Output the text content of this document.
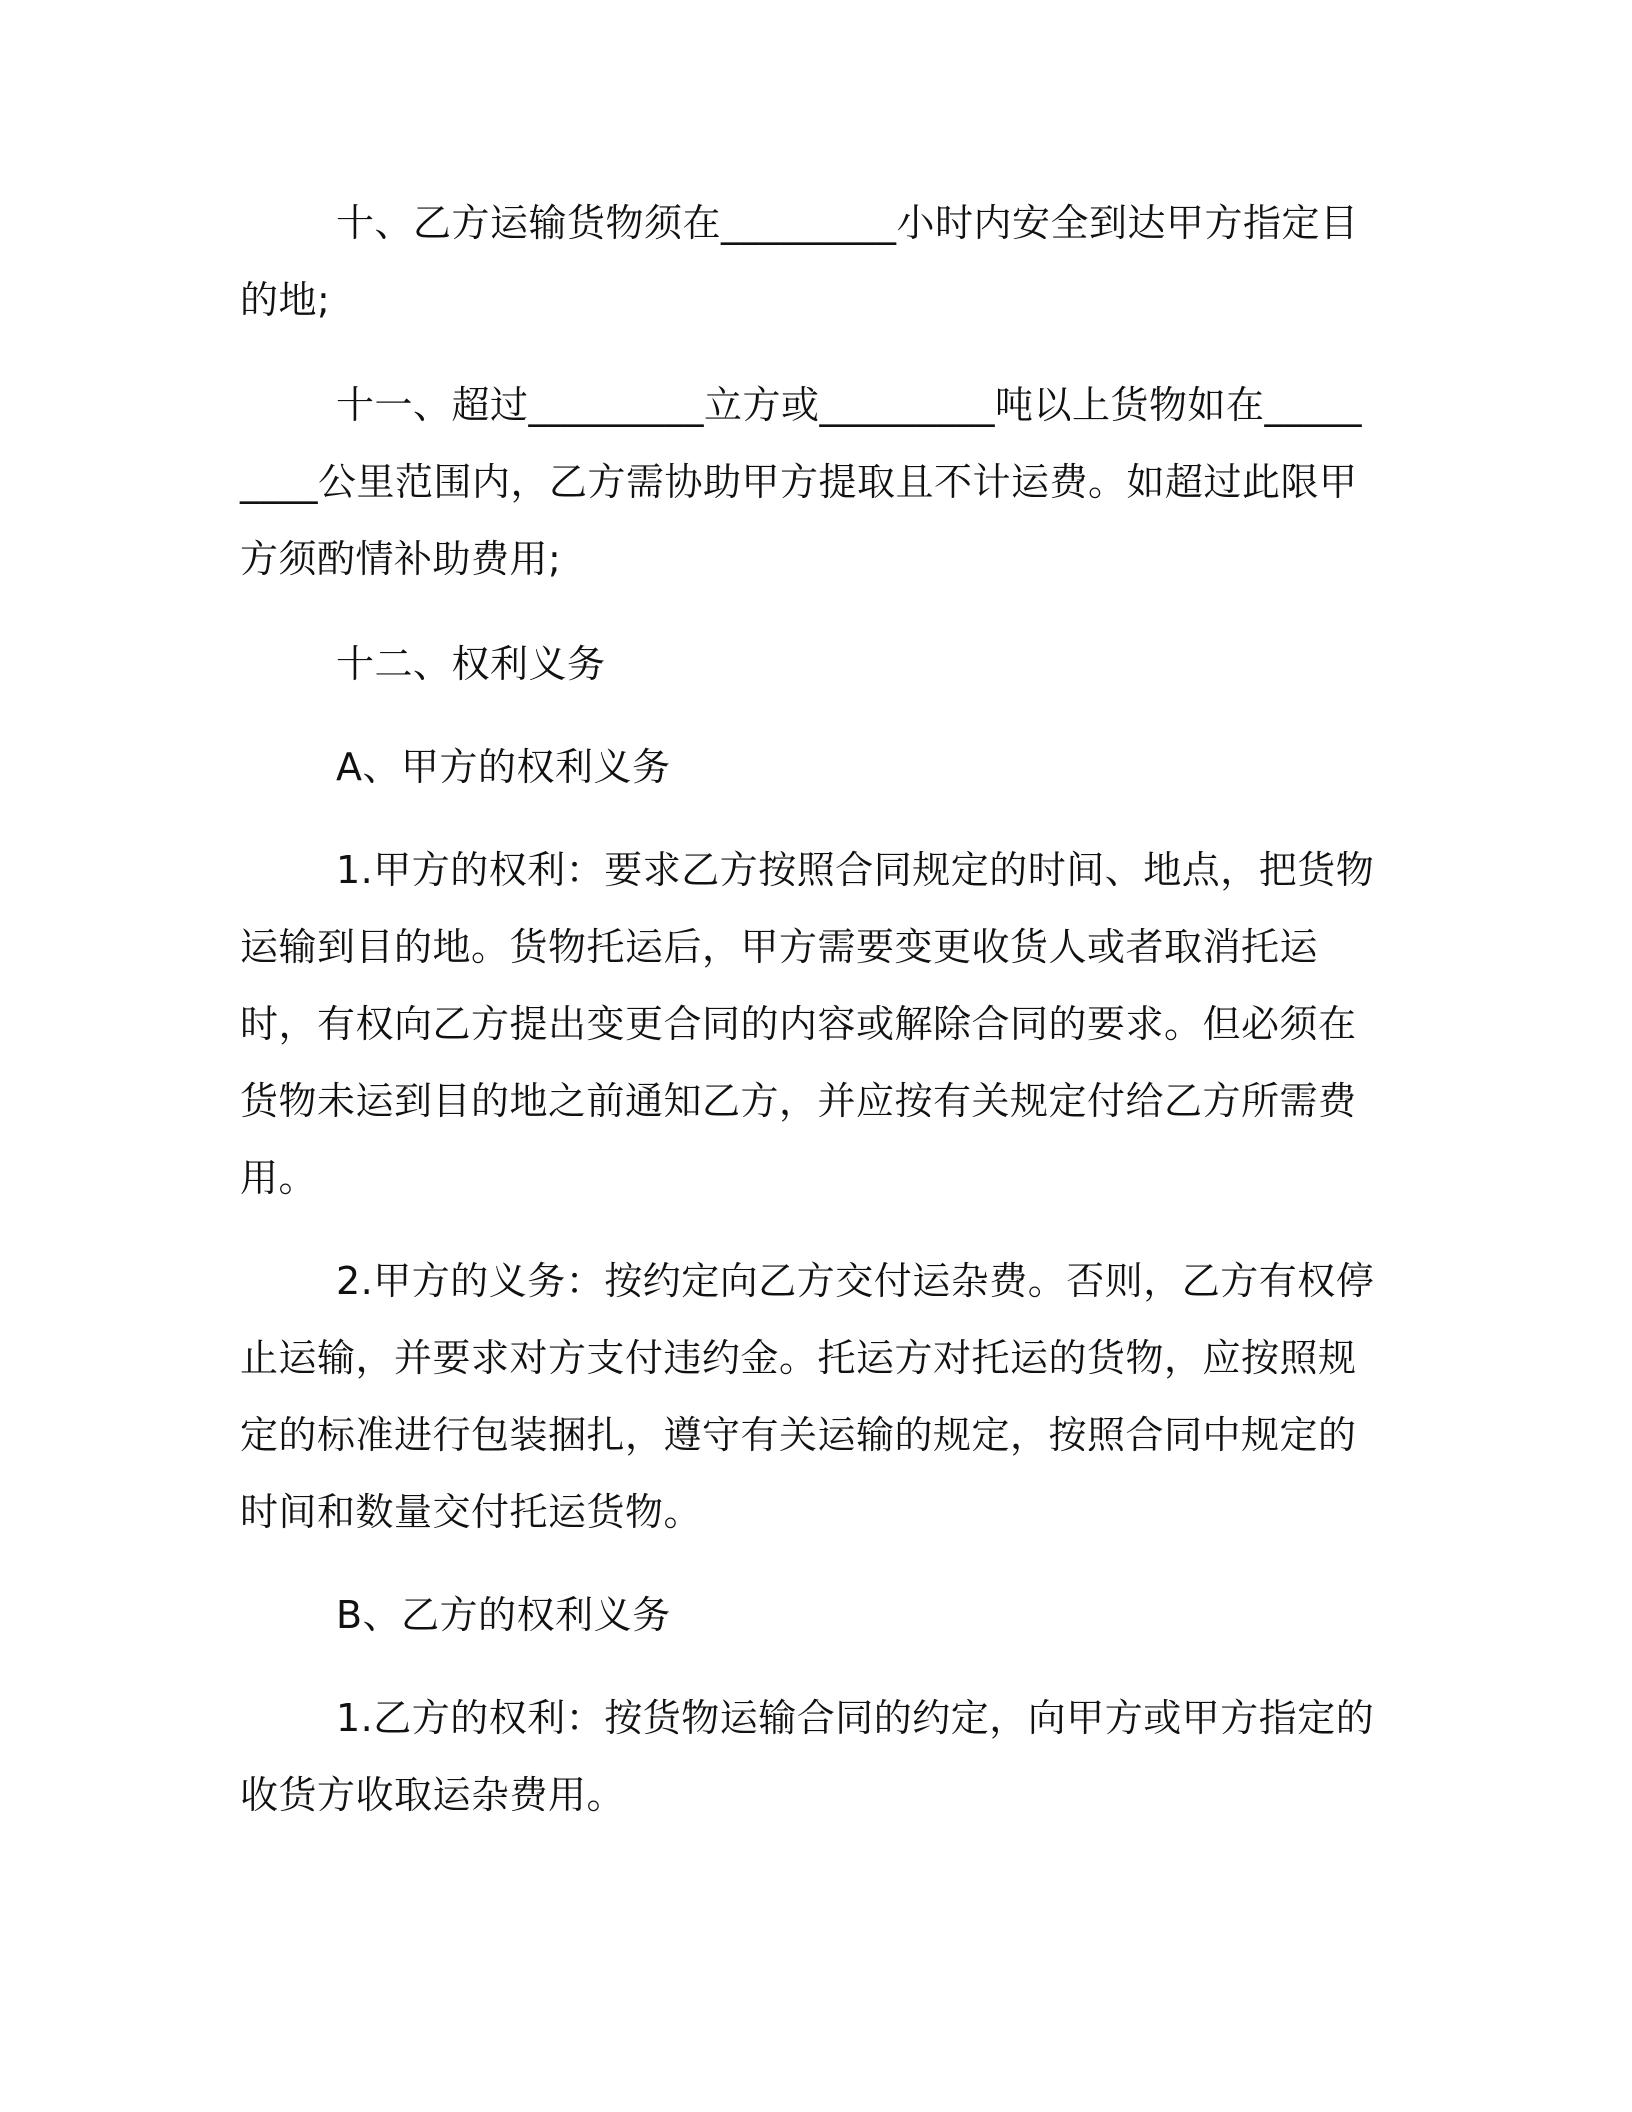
十、乙方运输货物须在_________小时内安全到达甲方指定目的地;

十一、超过_________立方或_________吨以上货物如在_________公里范围内，乙方需协助甲方提取且不计运费。如超过此限甲方须酌情补助费用;

十二、权利义务

A、甲方的权利义务

1.甲方的权利：要求乙方按照合同规定的时间、地点，把货物运输到目的地。货物托运后，甲方需要变更收货人或者取消托运时，有权向乙方提出变更合同的内容或解除合同的要求。但必须在货物未运到目的地之前通知乙方，并应按有关规定付给乙方所需费用。

2.甲方的义务：按约定向乙方交付运杂费。否则，乙方有权停止运输，并要求对方支付违约金。托运方对托运的货物，应按照规定的标准进行包装捆扎，遵守有关运输的规定，按照合同中规定的时间和数量交付托运货物。

B、乙方的权利义务

1.乙方的权利：按货物运输合同的约定，向甲方或甲方指定的收货方收取运杂费用。
